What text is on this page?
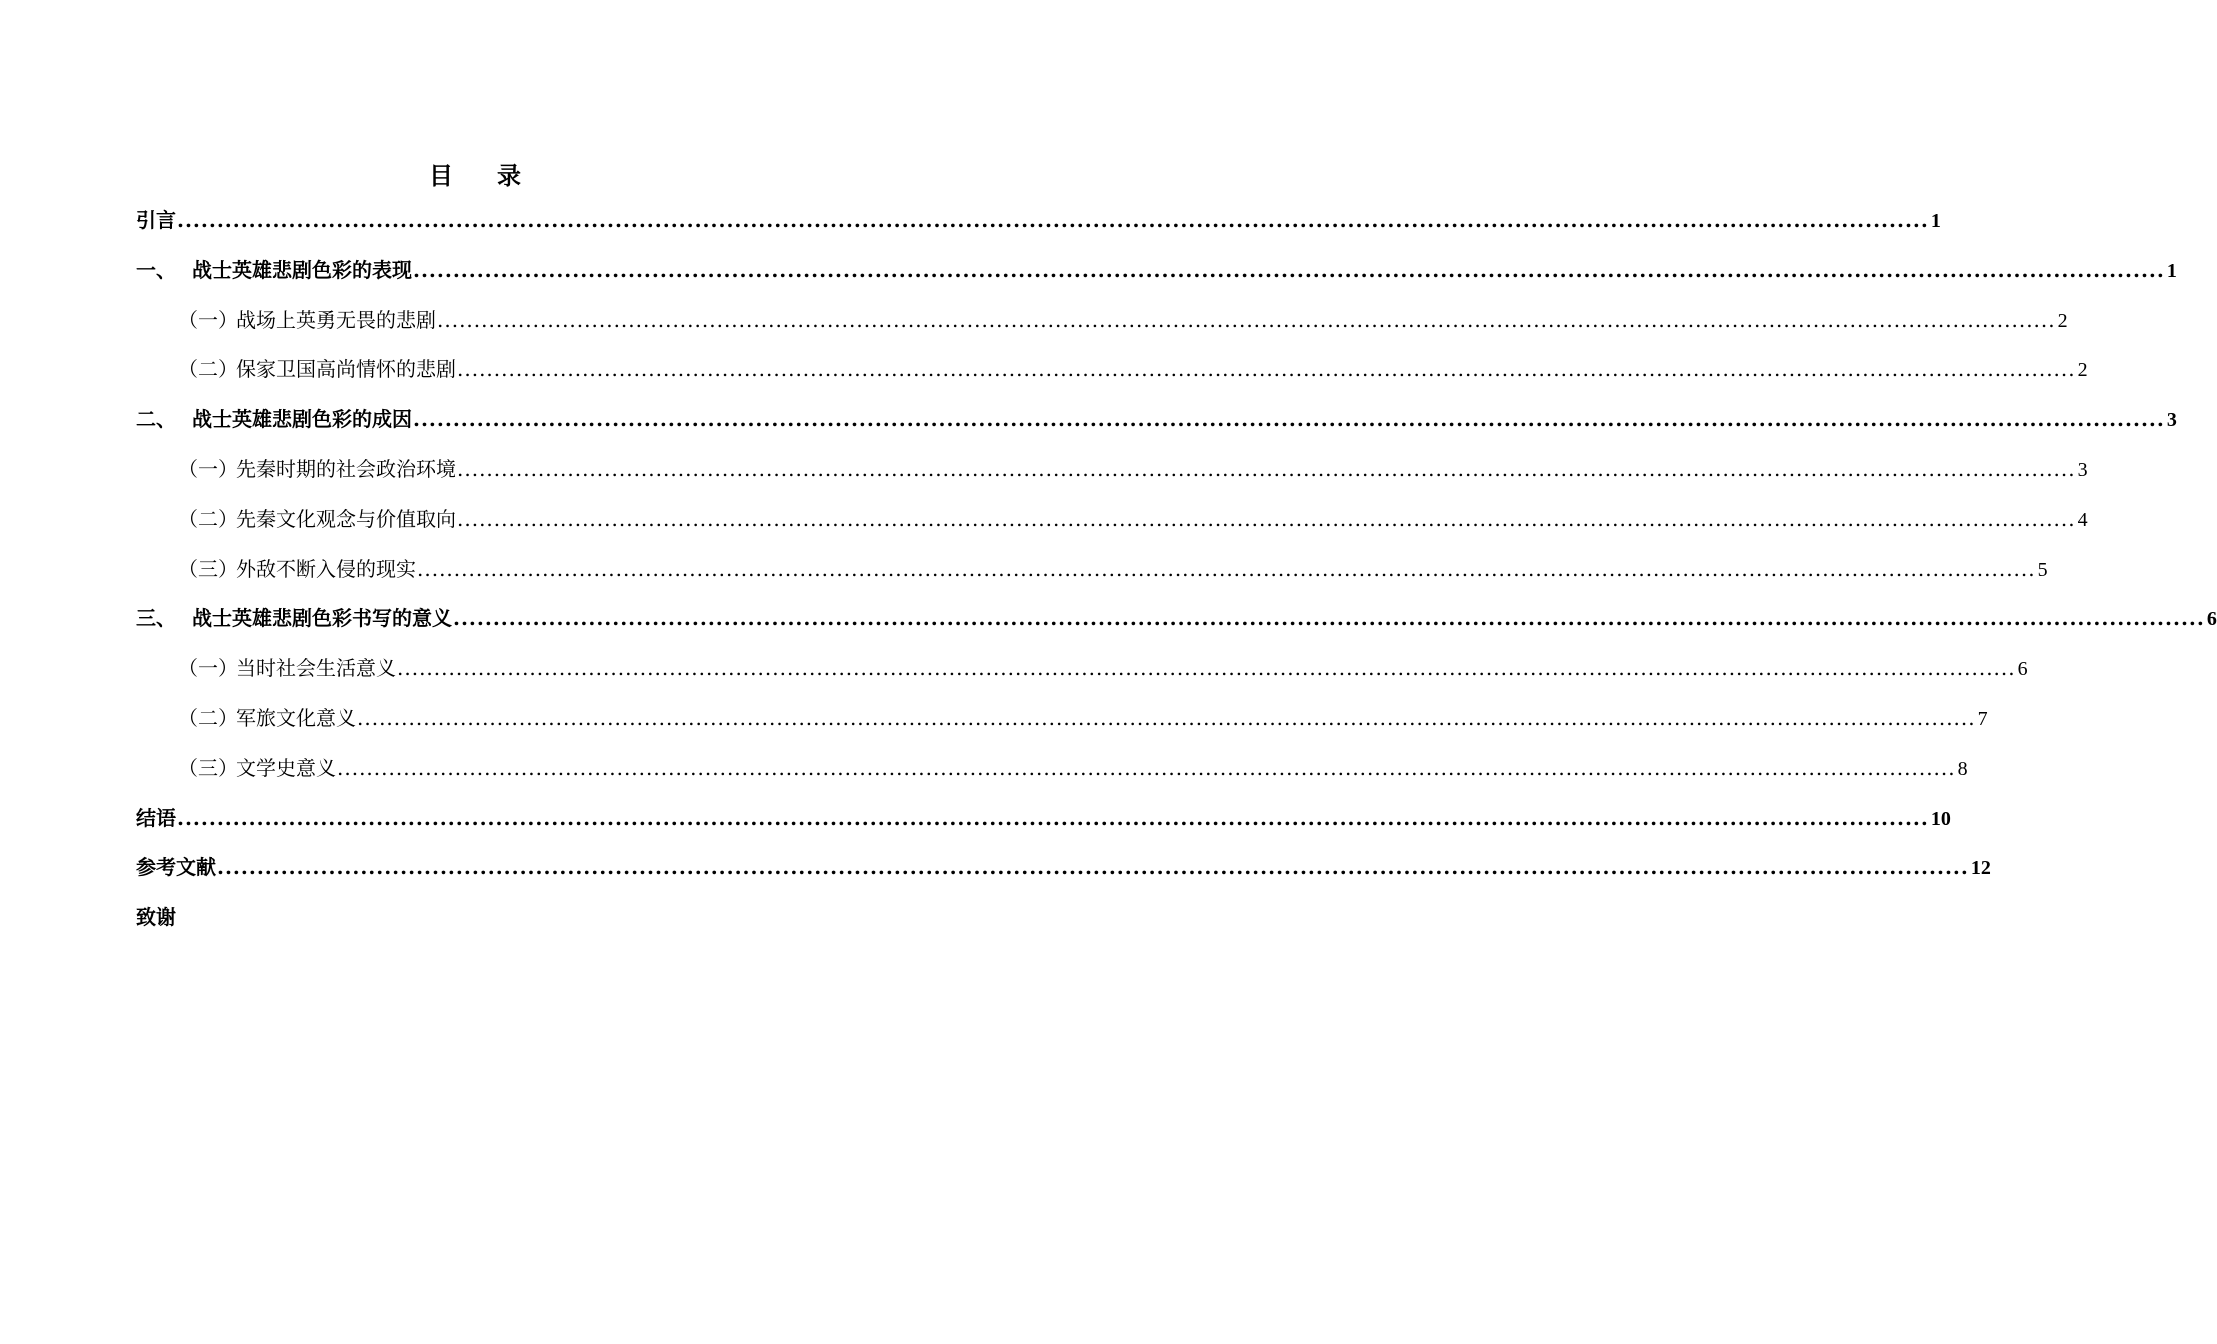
目 录
引言 ............................................................................................................................................................................................................................ 1
一、 战士英雄悲剧色彩的表现 ............................................................................................................................................................................................................................ 1
（一）
战场上英勇无畏的悲剧 ............................................................................................................................................................................................................................ 2
（二）
保家卫国高尚情怀的悲剧 ............................................................................................................................................................................................................................ 2
二、 战士英雄悲剧色彩的成因 ............................................................................................................................................................................................................................ 3
（一）
先秦时期的社会政治环境 ............................................................................................................................................................................................................................ 3
（二）
先秦文化观念与价值取向 ............................................................................................................................................................................................................................ 4
（三）
外敌不断入侵的现实 ............................................................................................................................................................................................................................ 5
三、 战士英雄悲剧色彩书写的意义 ............................................................................................................................................................................................................................ 6
（一）
当时社会生活意义 ............................................................................................................................................................................................................................ 6
（二）
军旅文化意义 ............................................................................................................................................................................................................................ 7
（三）
文学史意义 ............................................................................................................................................................................................................................ 8
结语 ............................................................................................................................................................................................................................ 10
参考文献 ............................................................................................................................................................................................................................ 12
致谢
